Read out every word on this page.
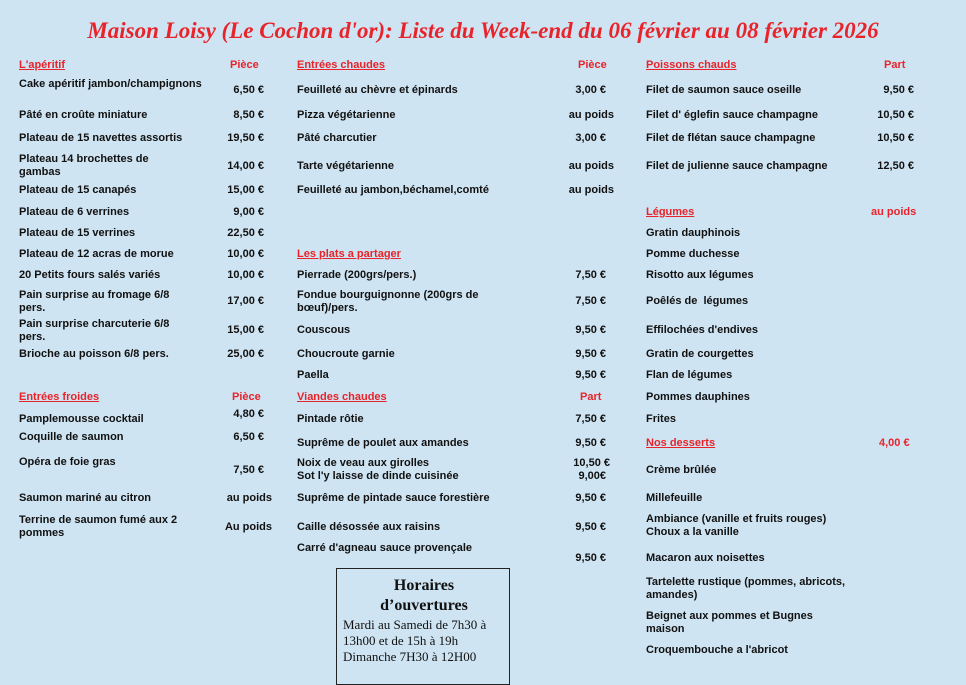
Maison Loisy (Le Cochon d'or): Liste du Week-end du 06 février au 08 février 2026
L'apéritif	Pièce
Cake apéritif jambon/champignons	6,50 €
Pâté en croûte miniature	8,50 €
Plateau de 15 navettes assortis	19,50 €
Plateau 14 brochettes de gambas	14,00 €
Plateau de 15 canapés	15,00 €
Plateau de 6 verrines	9,00 €
Plateau de 15 verrines	22,50 €
Plateau de 12 acras de morue	10,00 €
20 Petits fours salés variés	10,00 €
Pain surprise au fromage 6/8 pers.
17,00 €
Pain surprise charcuterie 6/8 pers.
15,00 €
Brioche au poisson 6/8 pers.	25,00 €
Entrées froides	Pièce
Pamplemousse cocktail	4,80 €
Coquille de saumon	6,50 €
Opéra de foie gras
7,50 €
Saumon mariné au citron	au poids
Terrine de saumon fumé aux 2 pommes	Au poids
Entrées chaudes	Pièce
Feuilleté au chèvre et épinards	3,00 €
Pizza végétarienne	au poids
Pâté charcutier	3,00 €
Tarte végétarienne	au poids
Feuilleté au jambon,béchamel,comté	au poids
Les plats a partager
Pierrade (200grs/pers.)	7,50 €
Fondue bourguignonne (200grs de bœuf)/pers.
7,50 €
Couscous	9,50 €
Choucroute garnie	9,50 €
Paella	9,50 €
Viandes chaudes	Part
Pintade rôtie	7,50 €
Suprême de poulet aux amandes	9,50 €
Noix de veau aux girolles	10,50 €
Sot l'y laisse de dinde cuisinée	9,00€
Suprême de pintade sauce forestière	9,50 €
Caille désossée aux raisins	9,50 €
Carré d'agneau sauce provençale
9,50 €
Horaires
d’ouvertures
Mardi au Samedi de 7h30 à
13h00 et de 15h à 19h
Dimanche 7H30 à 12H00
Poissons chauds	Part
Filet de saumon sauce oseille	9,50 €
Filet d' églefin sauce champagne	10,50 €
Filet de flétan sauce champagne	10,50 €
Filet de julienne sauce champagne	12,50 €
Légumes	au poids
Gratin dauphinois
Pomme duchesse
Risotto aux légumes
Poêlés de  légumes
Effilochées d'endives
Gratin de courgettes
Flan de légumes
Pommes dauphines
Frites
Nos desserts	4,00 €
Crème brûlée
Millefeuille
Ambiance (vanille et fruits rouges)
Choux a la vanille
Macaron aux noisettes
Tartelette rustique (pommes, abricots, amandes)
Beignet aux pommes et Bugnes maison
Croquembouche a l'abricot
